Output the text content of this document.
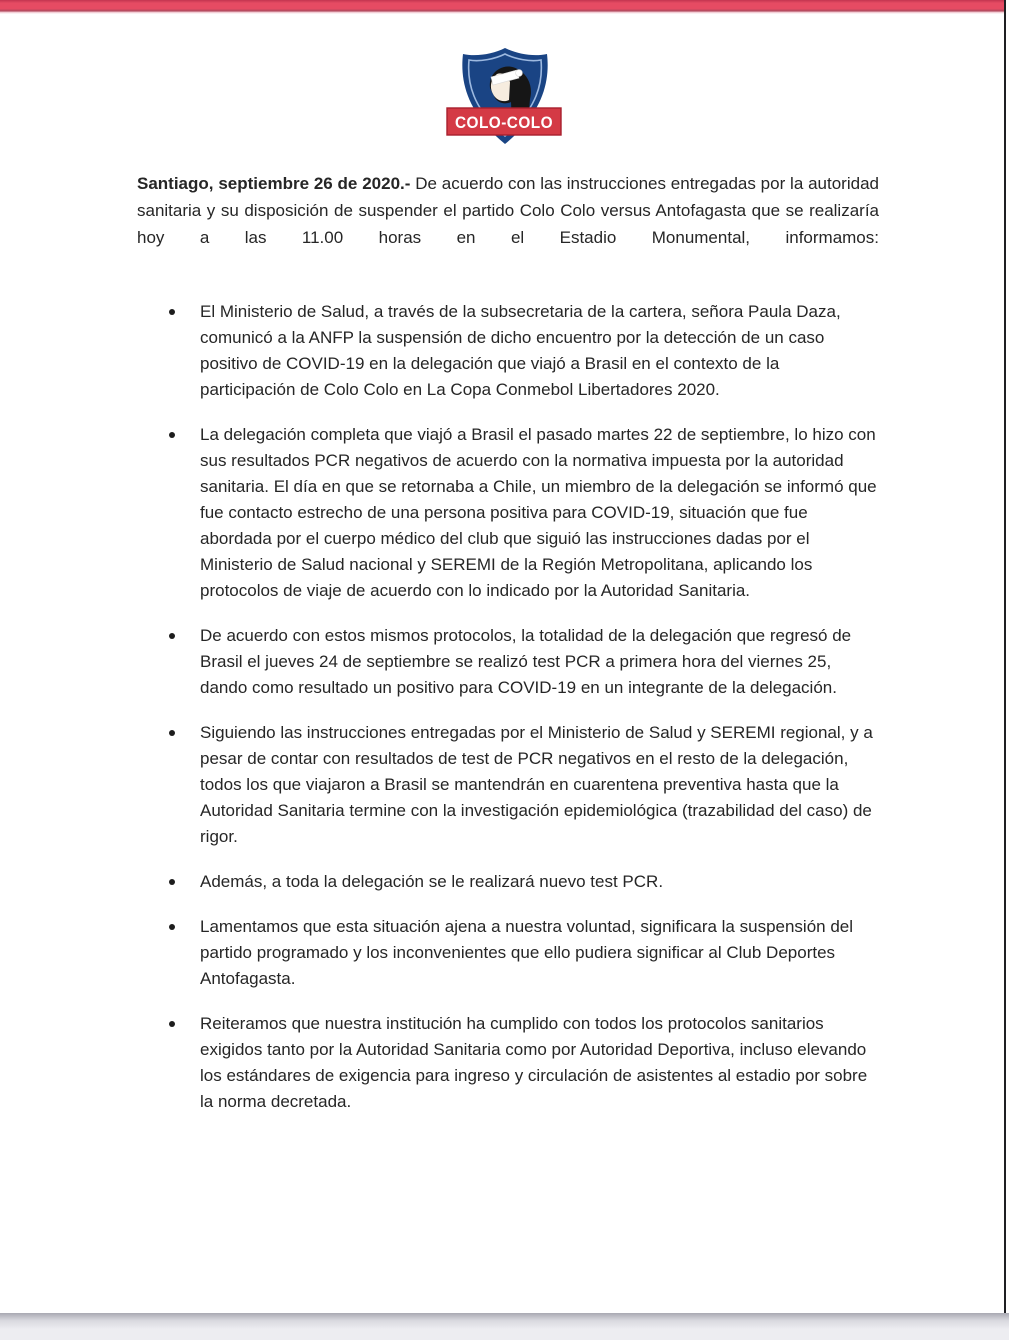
COLO-COLO

Santiago, septiembre 26 de 2020.- De acuerdo con las instrucciones entregadas por la autoridad sanitaria y su disposición de suspender el partido Colo Colo versus Antofagasta que se realizaría hoy a las 11.00 horas en el Estadio Monumental, informamos:

El Ministerio de Salud, a través de la subsecretaria de la cartera, señora Paula Daza, comunicó a la ANFP la suspensión de dicho encuentro por la detección de un caso positivo de COVID-19 en la delegación que viajó a Brasil en el contexto de la participación de Colo Colo en La Copa Conmebol Libertadores 2020.
La delegación completa que viajó a Brasil el pasado martes 22 de septiembre, lo hizo con sus resultados PCR negativos de acuerdo con la normativa impuesta por la autoridad sanitaria. El día en que se retornaba a Chile, un miembro de la delegación se informó que fue contacto estrecho de una persona positiva para COVID-19, situación que fue abordada por el cuerpo médico del club que siguió las instrucciones dadas por el Ministerio de Salud nacional y SEREMI de la Región Metropolitana, aplicando los protocolos de viaje de acuerdo con lo indicado por la Autoridad Sanitaria.
De acuerdo con estos mismos protocolos, la totalidad de la delegación que regresó de Brasil el jueves 24 de septiembre se realizó test PCR a primera hora del viernes 25, dando como resultado un positivo para COVID-19 en un integrante de la delegación.
Siguiendo las instrucciones entregadas por el Ministerio de Salud y SEREMI regional, y a pesar de contar con resultados de test de PCR negativos en el resto de la delegación, todos los que viajaron a Brasil se mantendrán en cuarentena preventiva hasta que la Autoridad Sanitaria termine con la investigación epidemiológica (trazabilidad del caso) de rigor.
Además, a toda la delegación se le realizará nuevo test PCR.
Lamentamos que esta situación ajena a nuestra voluntad, significara la suspensión del partido programado y los inconvenientes que ello pudiera significar al Club Deportes Antofagasta.
Reiteramos que nuestra institución ha cumplido con todos los protocolos sanitarios exigidos tanto por la Autoridad Sanitaria como por Autoridad Deportiva, incluso elevando los estándares de exigencia para ingreso y circulación de asistentes al estadio por sobre la norma decretada.
